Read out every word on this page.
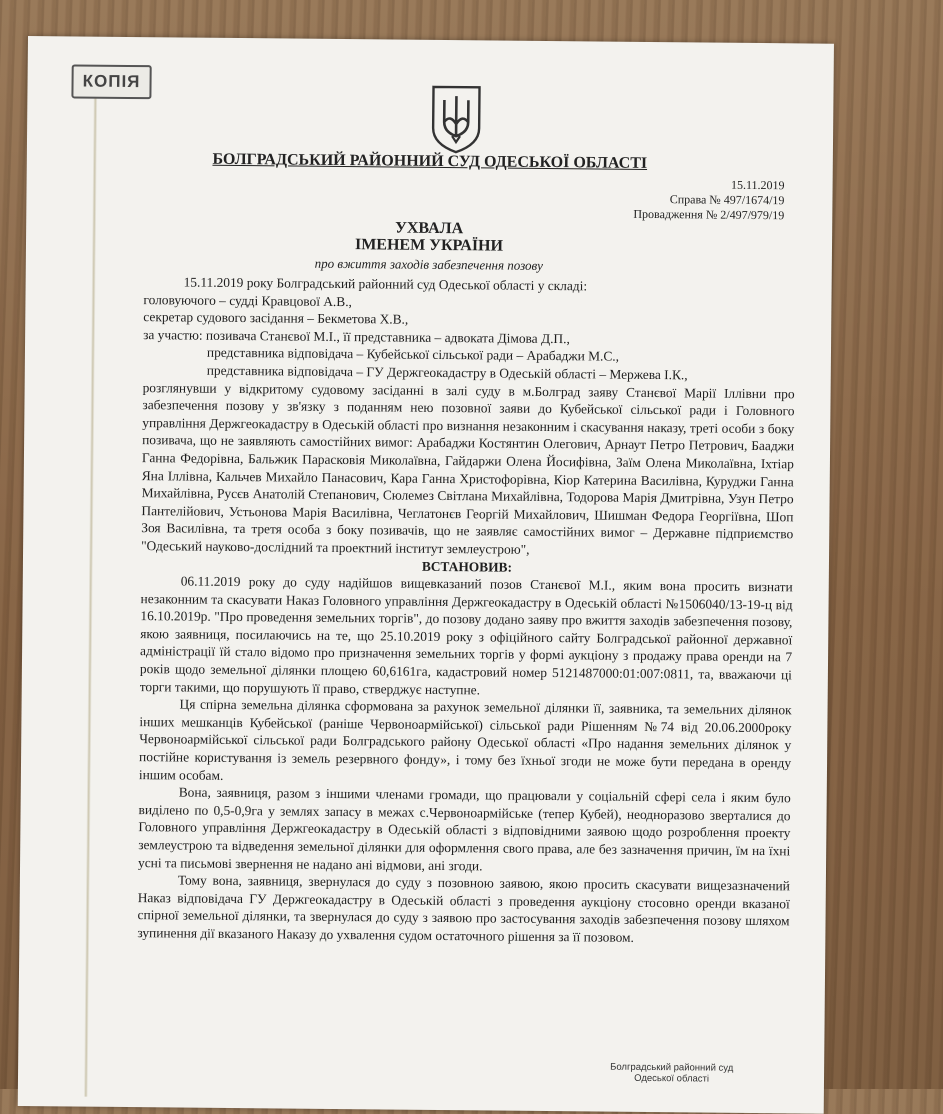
КОПІЯ
БОЛГРАДСЬКИЙ РАЙОННИЙ СУД ОДЕСЬКОЇ ОБЛАСТІ
15.11.2019
Справа № 497/1674/19
Провадження № 2/497/979/19
УХВАЛА
ІМЕНЕМ УКРАЇНИ
про вжиття заходів забезпечення позову

15.11.2019 року Болградський районний суд Одеської області у складі:

головуючого – судді Кравцової А.В.,

секретар судового засідання – Бекметова Х.В.,

за участю: позивача Станєвої М.І., її представника – адвоката Дімова Д.П.,

представника відповідача – Кубейської сільської ради – Арабаджи М.С.,

представника відповідача – ГУ Держгеокадастру в Одеській області – Мержева І.К.,

розглянувши у відкритому судовому засіданні в залі суду в м.Болград заяву Станєвої Марії Іллівни про забезпечення позову у зв'язку з поданням нею позовної заяви до Кубейської сільської ради і Головного управління Держгеокадастру в Одеській області про визнання незаконним і скасування наказу, треті особи з боку позивача, що не заявляють самостійних вимог: Арабаджи Костянтин Олегович, Арнаут Петро Петрович, Бааджи Ганна Федорівна, Бальжик Парасковія Миколаївна, Гайдаржи Олена Йосифівна, Заїм Олена Миколаївна, Іхтіар Яна Іллівна, Кальчев Михайло Панасович, Кара Ганна Христофорівна, Кіор Катерина Василівна, Куруджи Ганна Михайлівна, Русєв Анатолій Степанович, Сюлемез Світлана Михайлівна, Тодорова Марія Дмитрівна, Узун Петро Пантелійович, Устьонова Марія Василівна, Чеглатонєв Георгій Михайлович, Шишман Федора Георгіївна, Шоп Зоя Василівна, та третя особа з боку позивачів, що не заявляє самостійних вимог – Державне підприємство "Одеський науково-дослідний та проектний інститут землеустрою",

ВСТАНОВИВ:

06.11.2019 року до суду надійшов вищевказаний позов Станєвої М.І., яким вона просить визнати незаконним та скасувати Наказ Головного управління Держгеокадастру в Одеській області №1506040/13-19-ц від 16.10.2019р. "Про проведення земельних торгів", до позову додано заяву про вжиття заходів забезпечення позову, якою заявниця, посилаючись на те, що 25.10.2019 року з офіційного сайту Болградської районної державної адміністрації їй стало відомо про призначення земельних торгів у формі аукціону з продажу права оренди на 7 років щодо земельної ділянки площею 60,6161га, кадастровий номер 5121487000:01:007:0811, та, вважаючи ці торги такими, що порушують її право, стверджує наступне.

Ця спірна земельна ділянка сформована за рахунок земельної ділянки її, заявника, та земельних ділянок інших мешканців Кубейської (раніше Червоноармійської) сільської ради Рішенням №74 від 20.06.2000року Червоноармійської сільської ради Болградського району Одеської області «Про надання земельних ділянок у постійне користування із земель резервного фонду», і тому без їхньої згоди не може бути передана в оренду іншим особам.

Вона, заявниця, разом з іншими членами громади, що працювали у соціальній сфері села і яким було виділено по 0,5-0,9га у землях запасу в межах с.Червоноармійське (тепер Кубей), неодноразово зверталися до Головного управління Держгеокадастру в Одеській області з відповідними заявою щодо розроблення проекту землеустрою та відведення земельної ділянки для оформлення свого права, але без зазначення причин, їм на їхні усні та письмові звернення не надано ані відмови, ані згоди.

Тому вона, заявниця, звернулася до суду з позовною заявою, якою просить скасувати вищезазначений Наказ відповідача ГУ Держгеокадастру в Одеській області з проведення аукціону стосовно оренди вказаної спірної земельної ділянки, та звернулася до суду з заявою про застосування заходів забезпечення позову шляхом зупинення дії вказаного Наказу до ухвалення судом остаточного рішення за її позовом.

Болградський районний суд
Одеської області
